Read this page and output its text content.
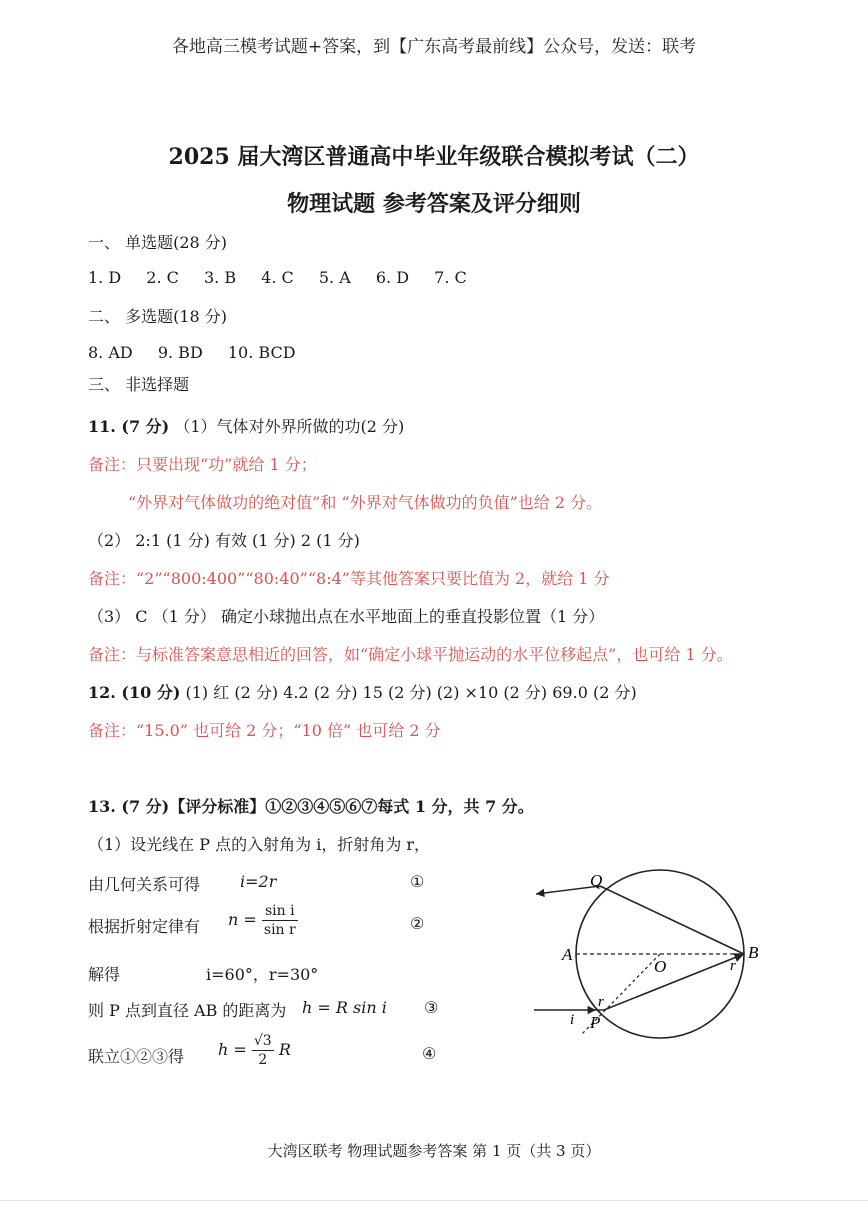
各地高三模考试题+答案，到【广东高考最前线】公众号，发送：联考
2025 届大湾区普通高中毕业年级联合模拟考试（二）
物理试题 参考答案及评分细则
一、 单选题(28 分)
1. D 2. C 3. B 4. C 5. A 6. D 7. C
二、 多选题(18 分)
8. AD 9. BD 10. BCD
三、 非选择题
11. (7 分) （1）气体对外界所做的功(2 分)
备注：只要出现“功”就给 1 分；
“外界对气体做功的绝对值”和 “外界对气体做功的负值”也给 2 分。
（2） 2:1 (1 分) 有效 (1 分) 2 (1 分)
备注：“2”“800:400”“80:40”“8:4”等其他答案只要比值为 2，就给 1 分
（3） C （1 分） 确定小球抛出点在水平地面上的垂直投影位置（1 分）
备注：与标准答案意思相近的回答，如“确定小球平抛运动的水平位移起点”，也可给 1 分。
12. (10 分) (1) 红 (2 分) 4.2 (2 分) 15 (2 分) (2) ×10 (2 分) 69.0 (2 分)
备注：“15.0” 也可给 2 分；“10 倍” 也可给 2 分
13. (7 分)【评分标准】①②③④⑤⑥⑦每式 1 分，共 7 分。
（1）设光线在 P 点的入射角为 i，折射角为 r，
由几何关系可得 i=2r	①
根据折射定律有 $n = \frac{\text{sin i}}{\text{sin r}}$	②
解得	i=60°，r=30°
则 P 点到直径 AB 的距离为 h = R sin i ③
联立①②③得 $h = \frac{√3}{2}$ R	④
Q
A
O
B
r
r
P
i
大湾区联考 物理试题参考答案 第 1 页（共 3 页）
